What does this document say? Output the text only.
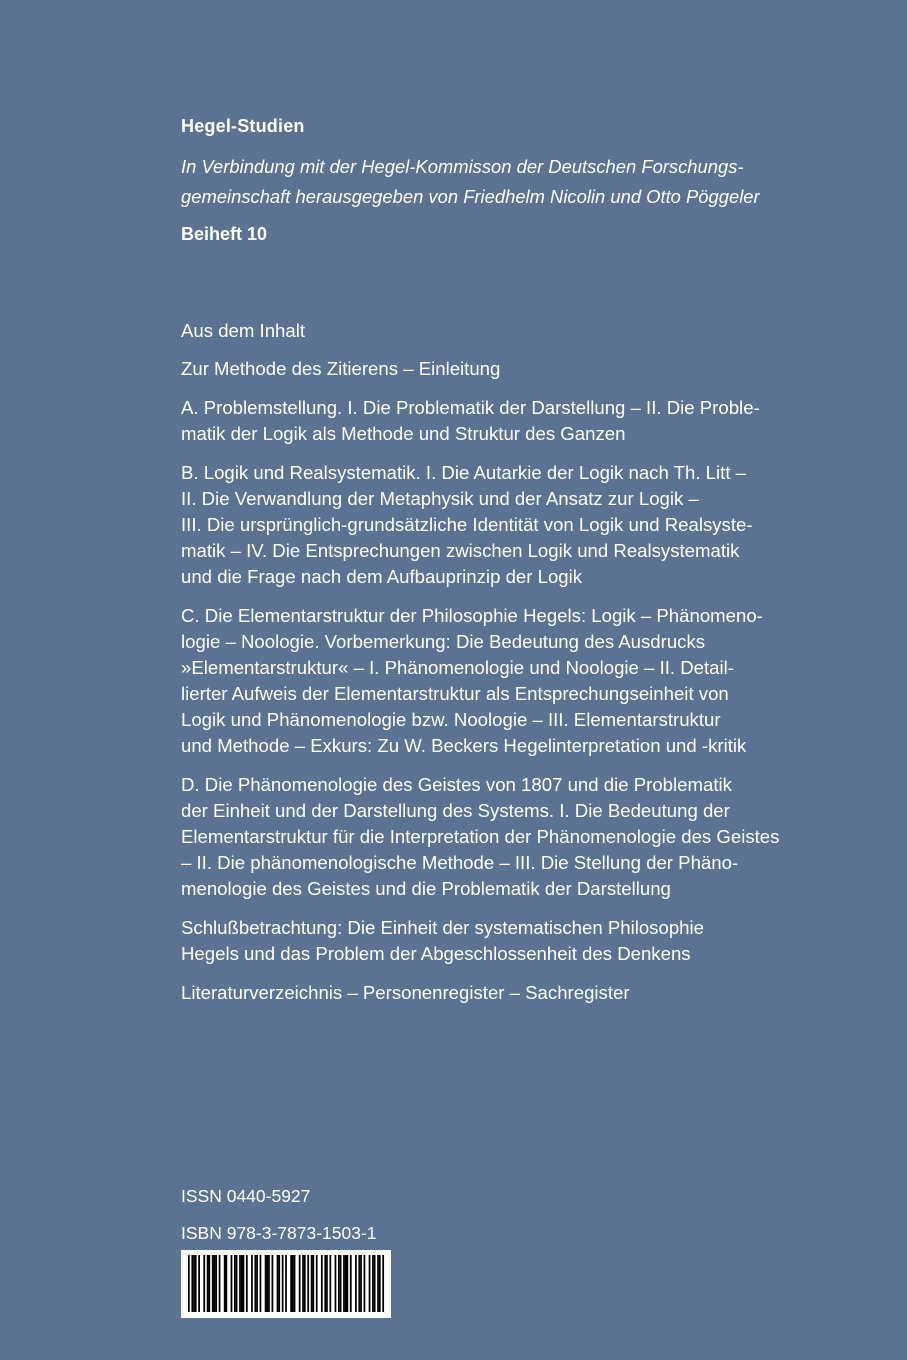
Hegel-Studien
In Verbindung mit der Hegel-Kommisson der Deutschen Forschungs-
gemeinschaft herausgegeben von Friedhelm Nicolin und Otto Pöggeler
Beiheft 10

Aus dem Inhalt

Zur Methode des Zitierens – Einleitung

A. Problemstellung. I. Die Problematik der Darstellung – II. Die Proble-
matik der Logik als Methode und Struktur des Ganzen

B. Logik und Realsystematik. I. Die Autarkie der Logik nach Th. Litt –
II. Die Verwandlung der Metaphysik und der Ansatz zur Logik –
III. Die ursprünglich-grundsätzliche Identität von Logik und Realsyste-
matik – IV. Die Entsprechungen zwischen Logik und Realsystematik
und die Frage nach dem Aufbauprinzip der Logik

C. Die Elementarstruktur der Philosophie Hegels: Logik – Phänomeno-
logie – Noologie. Vorbemerkung: Die Bedeutung des Ausdrucks
»Elementarstruktur« – I. Phänomenologie und Noologie – II. Detail-
lierter Aufweis der Elementarstruktur als Entsprechungseinheit von
Logik und Phänomenologie bzw. Noologie – III. Elementarstruktur
und Methode – Exkurs: Zu W. Beckers Hegelinterpretation und -kritik

D. Die Phänomenologie des Geistes von 1807 und die Problematik
der Einheit und der Darstellung des Systems. I. Die Bedeutung der
Elementarstruktur für die Interpretation der Phänomenologie des Geistes
– II. Die phänomenologische Methode – III. Die Stellung der Phäno-
menologie des Geistes und die Problematik der Darstellung

Schlußbetrachtung: Die Einheit der systematischen Philosophie
Hegels und das Problem der Abgeschlossenheit des Denkens

Literaturverzeichnis – Personenregister – Sachregister

ISSN 0440-5927
ISBN 978-3-7873-1503-1
